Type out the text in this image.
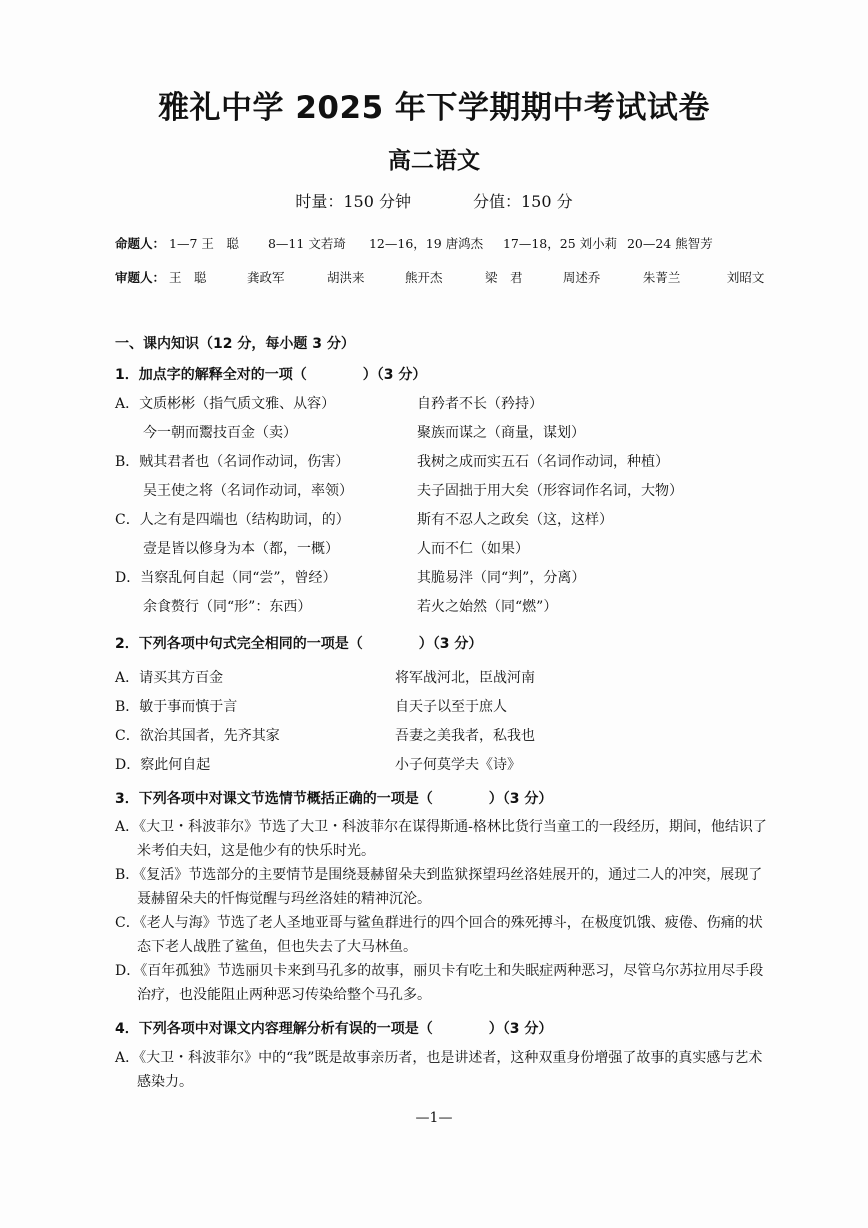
雅礼中学 2025 年下学期期中考试试卷
高二语文
时量：150 分钟	分值：150 分
命题人： 1—7 王　聪 8—11 文若琦 12—16，19 唐鸿杰 17—18，25 刘小莉 20—24 熊智芳
审题人： 王　聪	龚政军	胡洪来	熊开杰	梁　君	周述乔	朱菁兰	刘昭文
一、课内知识（12 分，每小题 3 分）
1．加点字的解释全对的一项（　　　　）（3 分）
A．文质彬彬（指气质文雅、从容）	自矜者不长（矜持）
　　今一朝而鬻技百金（卖）	聚族而谋之（商量，谋划）
B．贼其君者也（名词作动词，伤害）	我树之成而实五石（名词作动词，种植）
　　吴王使之将（名词作动词，率领）	夫子固拙于用大矣（形容词作名词，大物）
C．人之有是四端也（结构助词，的）	斯有不忍人之政矣（这，这样）
　　壹是皆以修身为本（都，一概）	人而不仁（如果）
D．当察乱何自起（同“尝”，曾经）	其脆易泮（同“判”，分离）
　　余食赘行（同“形”：东西）	若火之始然（同“燃”）
2．下列各项中句式完全相同的一项是（　　　　）（3 分）
A．请买其方百金	将军战河北，臣战河南
B．敏于事而慎于言	自天子以至于庶人
C．欲治其国者，先齐其家	吾妻之美我者，私我也
D．察此何自起	小子何莫学夫《诗》
3．下列各项中对课文节选情节概括正确的一项是（　　　　）（3 分）
A．《大卫・科波菲尔》节选了大卫・科波菲尔在谋得斯通-格林比货行当童工的一段经历，期间，他结识了米考伯夫妇，这是他少有的快乐时光。
B．《复活》节选部分的主要情节是围绕聂赫留朵夫到监狱探望玛丝洛娃展开的，通过二人的冲突，展现了聂赫留朵夫的忏悔觉醒与玛丝洛娃的精神沉沦。
C．《老人与海》节选了老人圣地亚哥与鲨鱼群进行的四个回合的殊死搏斗，在极度饥饿、疲倦、伤痛的状态下老人战胜了鲨鱼，但也失去了大马林鱼。
D．《百年孤独》节选丽贝卡来到马孔多的故事，丽贝卡有吃土和失眠症两种恶习，尽管乌尔苏拉用尽手段治疗，也没能阻止两种恶习传染给整个马孔多。
4．下列各项中对课文内容理解分析有误的一项是（　　　　）（3 分）
A．《大卫・科波菲尔》中的“我”既是故事亲历者，也是讲述者，这种双重身份增强了故事的真实感与艺术感染力。
—1—
